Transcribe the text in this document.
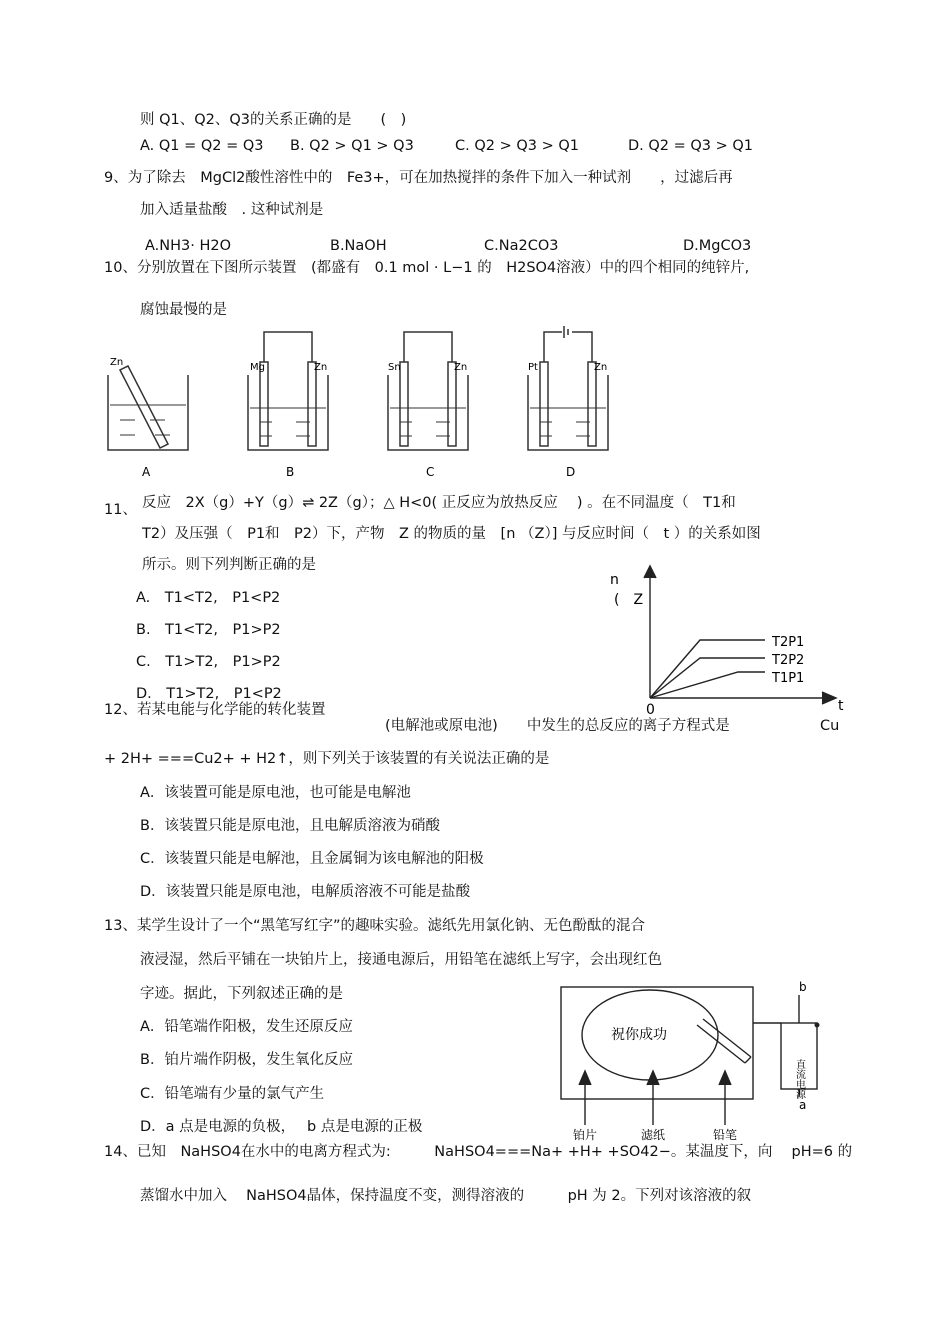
则 Q1、Q2、Q3的关系正确的是　　(　)
A. Q1 = Q2 = Q3 B. Q2 > Q1 > Q3	C. Q2 > Q3 > Q1	D. Q2 = Q3 > Q1
9、为了除去　MgCl2酸性溶性中的　Fe3+，可在加热搅拌的条件下加入一种试剂　　，过滤后再
加入适量盐酸　. 这种试剂是
A.NH3· H2O	B.NaOH	C.Na2CO3	D.MgCO3
10、分别放置在下图所示装置　(都盛有　0.1 mol · L−1 的　H2SO4溶液）中的四个相同的纯锌片,
腐蚀最慢的是
Zn
A
Mg	Zn
B
Sn	Zn
C
Pt	Zn
D
11、 反应　2X（g）+Y（g）⇌ 2Z（g）；△ H<0( 正反应为放热反应　 ) 。在不同温度（　T1和
T2）及压强（　P1和　P2）下，产物　Z 的物质的量　[n （Z）] 与反应时间（　t ）的关系如图
所示。则下列判断正确的是
A.　T1<T2,　P1<P2
B.　T1<T2,　P1>P2
C.　T1>T2,　P1>P2
D.　T1>T2,　P1<P2
n
(　Z
t
0
T2P1
T2P2
T1P1
12、若某电能与化学能的转化装置
(电解池或原电池)　　中发生的总反应的离子方程式是	Cu
+ 2H+ ===Cu2+ + H2↑，则下列关于该装置的有关说法正确的是
A．该装置可能是原电池，也可能是电解池
B．该装置只能是原电池，且电解质溶液为硝酸
C．该装置只能是电解池，且金属铜为该电解池的阳极
D．该装置只能是原电池，电解质溶液不可能是盐酸
13、某学生设计了一个“黑笔写红字”的趣味实验。滤纸先用氯化钠、无色酚酞的混合
液浸湿，然后平铺在一块铂片上，接通电源后，用铅笔在滤纸上写字，会出现红色
字迹。据此，下列叙述正确的是
A．铅笔端作阳极，发生还原反应
B．铂片端作阴极，发生氧化反应
C．铅笔端有少量的氯气产生
D．a 点是电源的负极，　 b 点是电源的正极
祝你成功
b
a
直流电源
铂片	滤纸	铅笔
14、已知　NaHSO4在水中的电离方程式为:　　　NaHSO4===Na+ +H+ +SO42−。某温度下，向　 pH=6 的
蒸馏水中加入　 NaHSO4晶体，保持温度不变，测得溶液的　　　pH 为 2。下列对该溶液的叙
